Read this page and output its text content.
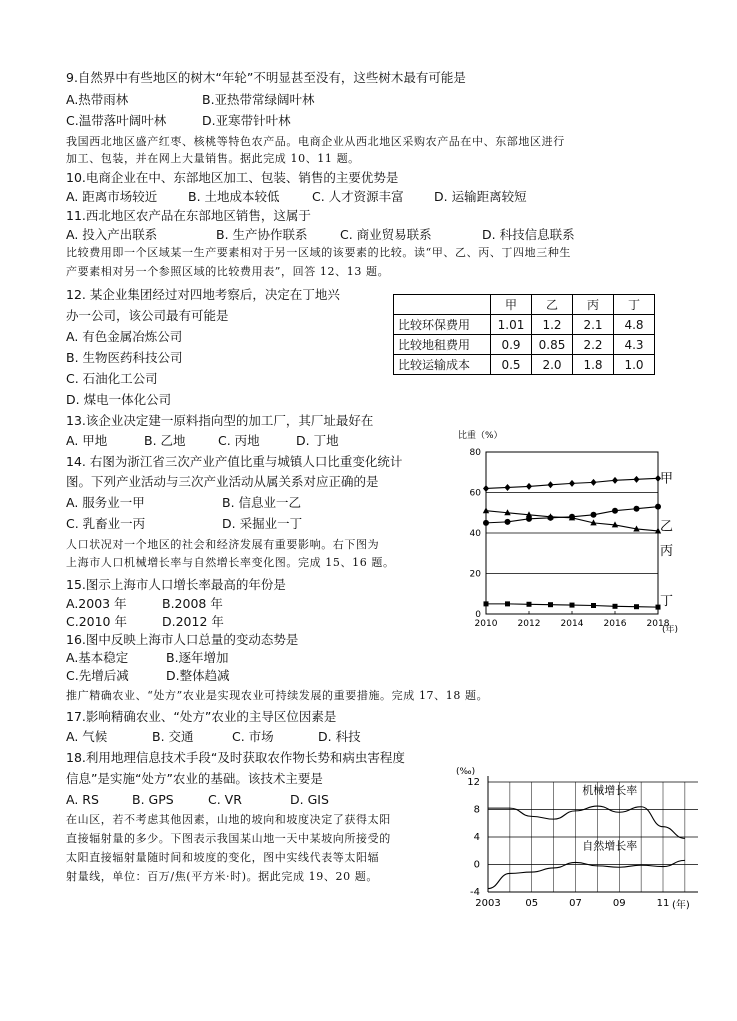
9.自然界中有些地区的树木“年轮”不明显甚至没有，这些树木最有可能是
A.热带雨林	B.亚热带常绿阔叶林
C.温带落叶阔叶林	D.亚寒带针叶林
我国西北地区盛产红枣、核桃等特色农产品。电商企业从西北地区采购农产品在中、东部地区进行
加工、包装，并在网上大量销售。据此完成 10、11 题。
10.电商企业在中、东部地区加工、包装、销售的主要优势是
A. 距离市场较近 B. 土地成本较低	C. 人才资源丰富 D. 运输距离较短
11.西北地区农产品在东部地区销售，这属于
A. 投入产出联系	B. 生产协作联系	C. 商业贸易联系	D. 科技信息联系
比较费用即一个区域某一生产要素相对于另一区域的该要素的比较。读“甲、乙、丙、丁四地三种生
产要素相对另一个参照区域的比较费用表”，回答 12、13 题。
12. 某企业集团经过对四地考察后，决定在丁地兴
办一公司，该公司最有可能是
A. 有色金属冶炼公司
B. 生物医药科技公司
C. 石油化工公司
D. 煤电一体化公司
	甲	乙	丙	丁
比较环保费用	1.01	1.2	2.1	4.8
比较地租费用	0.9	0.85	2.2	4.3
比较运输成本	0.5	2.0	1.8	1.0
13.该企业决定建一原料指向型的加工厂，其厂址最好在
A. 甲地	B. 乙地	C. 丙地	D. 丁地
14. 右图为浙江省三次产业产值比重与城镇人口比重变化统计
图。下列产业活动与三次产业活动从属关系对应正确的是
A. 服务业一甲	B. 信息业一乙
C. 乳畜业一丙	D. 采掘业一丁
人口状况对一个地区的社会和经济发展有重要影响。右下图为
上海市人口机械增长率与自然增长率变化图。完成 15、16 题。
15.图示上海市人口增长率最高的年份是
A.2003 年	B.2008 年
C.2010 年	D.2012 年
16.图中反映上海市人口总量的变动态势是
A.基本稳定	B.逐年增加
C.先增后减	D.整体趋减
推广精确农业、“处方”农业是实现农业可持续发展的重要措施。完成 17、18 题。
17.影响精确农业、“处方”农业的主导区位因素是
A. 气候	B. 交通	C. 市场	D. 科技
18.利用地理信息技术手段“及时获取农作物长势和病虫害程度
信息”是实施“处方”农业的基础。该技术主要是
A. RS	B. GPS	C. VR	D. GIS
在山区，若不考虑其他因素，山地的坡向和坡度决定了获得太阳
直接辐射量的多少。下图表示我国某山地一天中某坡向所接受的
太阳直接辐射量随时间和坡度的变化，图中实线代表等太阳辐
射量线，单位：百万/焦(平方米·时)。据此完成 19、20 题。
比重（%）
(年)
0
20
40
60
80
2010 2012 2014 2016 2018
甲
乙
丙
丁
(‰)
(年)
-4
0
4
8
12
2003 05	07	09	11
机械增长率
自然增长率
